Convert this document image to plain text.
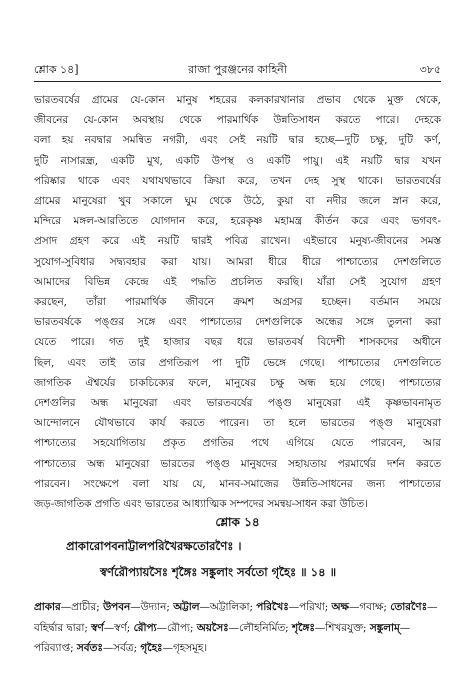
শ্লোক ১৪]	রাজা পুরঞ্জনের কাহিনী	৩৮৫
ভারতবর্ষের গ্রামের যে-কোন মানুষ শহরের কলকারখানার প্রভাব থেকে মুক্ত থেকে,
জীবনের যে-কোন অবস্থায় থেকে পারমার্থিক উন্নতিসাধন করতে পারে। দেহকে
বলা হয় নবদ্বার সমন্বিত নগরী, এবং সেই নয়টি দ্বার হচ্ছে—দুটি চক্ষু, দুটি কর্ণ,
দুটি নাসারন্ধ্র, একটি মুখ, একটি উপস্থ ও একটি পায়ু। এই নয়টি দ্বার যখন
পরিষ্কার থাকে এবং যথাযথভাবে ক্রিয়া করে, তখন দেহ সুস্থ থাকে। ভারতবর্ষের
গ্রামের মানুষেরা খুব সকালে ঘুম থেকে উঠে, কুয়া বা নদীর জলে স্নান করে,
মন্দিরে মঙ্গল-আরতিতে যোগদান করে, হরেকৃষ্ণ মহামন্ত্র কীর্তন করে এবং ভগবৎ-
প্রসাদ গ্রহণ করে এই নয়টি দ্বারই পবিত্র রাখেন। এইভাবে মনুষ্য-জীবনের সমস্ত
সুযোগ-সুবিধার সদ্ব্যবহার করা যায়। আমরা ধীরে ধীরে পাশ্চাত্যের দেশগুলিতে
আমাদের বিভিন্ন কেন্দ্রে এই পদ্ধতি প্রচলিত করছি। যাঁরা সেই সুযোগ গ্রহণ
করছেন, তাঁরা পারমার্থিক জীবনে ক্রমশ অগ্রসর হচ্ছেন। বর্তমান সময়ে
ভারতবর্ষকে পঙ্গুর সঙ্গে এবং পাশ্চাত্যের দেশগুলিকে অন্ধের সঙ্গে তুলনা করা
যেতে পারে। গত দুই হাজার বছর ধরে ভারতবর্ষ বিদেশী শাসকদের অধীনে
ছিল, এবং তাই তার প্রগতিরূপ পা দুটি ভেঙ্গে গেছে। পাশ্চাত্যের দেশগুলিতে
জাগতিক ঐশ্বর্যের চাকচিক্যের ফলে, মানুষের চক্ষু অন্ধ হয়ে গেছে। পাশ্চাত্যের
দেশগুলির অন্ধ মানুষেরা এবং ভারতবর্ষের পঙ্গু মানুষেরা এই কৃষ্ণভাবনামৃত
আন্দোলনে যৌথভাবে কার্য করতে পারেন। তা হলে ভারতের পঙ্গু মানুষেরা
পাশ্চাত্যের সহযোগিতায় প্রকৃত প্রগতির পথে এগিয়ে যেতে পারবেন, আর
পাশ্চাত্যের অন্ধ মানুষেরা ভারতের পঙ্গু মানুষদের সহায়তায় পরমার্থের দর্শন করতে
পারবেন। সংক্ষেপে বলা যায় যে, মানব-সমাজের উন্নতি-সাধনের জন্য পাশ্চাত্যের
জড়-জাগতিক প্রগতি এবং ভারতের আধ্যাত্মিক সম্পদের সমন্বয়-সাধন করা উচিত।
শ্লোক ১৪
প্রাকারোপবনাট্টালপরিখৈরক্ষতোরণৈঃ ।
স্বর্ণরৌপ্যায়সৈঃ শৃঙ্গৈঃ সঙ্কুলাং সর্বতো গৃহৈঃ ॥ ১৪ ॥
প্রাকার—প্রাচীর; উপবন—উদ্যান; অট্টাল—অট্টালিকা; পরিখৈঃ—পরিখা; অক্ষ—গবাক্ষ; তোরণৈঃ—বহির্দ্বার দ্বারা; স্বর্ণ—স্বর্ণ; রৌপ্য—রৌপ্য; অয়সৈঃ—লৌহনির্মিত; শৃঙ্গৈঃ—শিখরযুক্ত; সঙ্কুলাম্—পরিব্যাপ্ত; সর্বতঃ—সর্বত্র; গৃহৈঃ—গৃহসমূহ।
